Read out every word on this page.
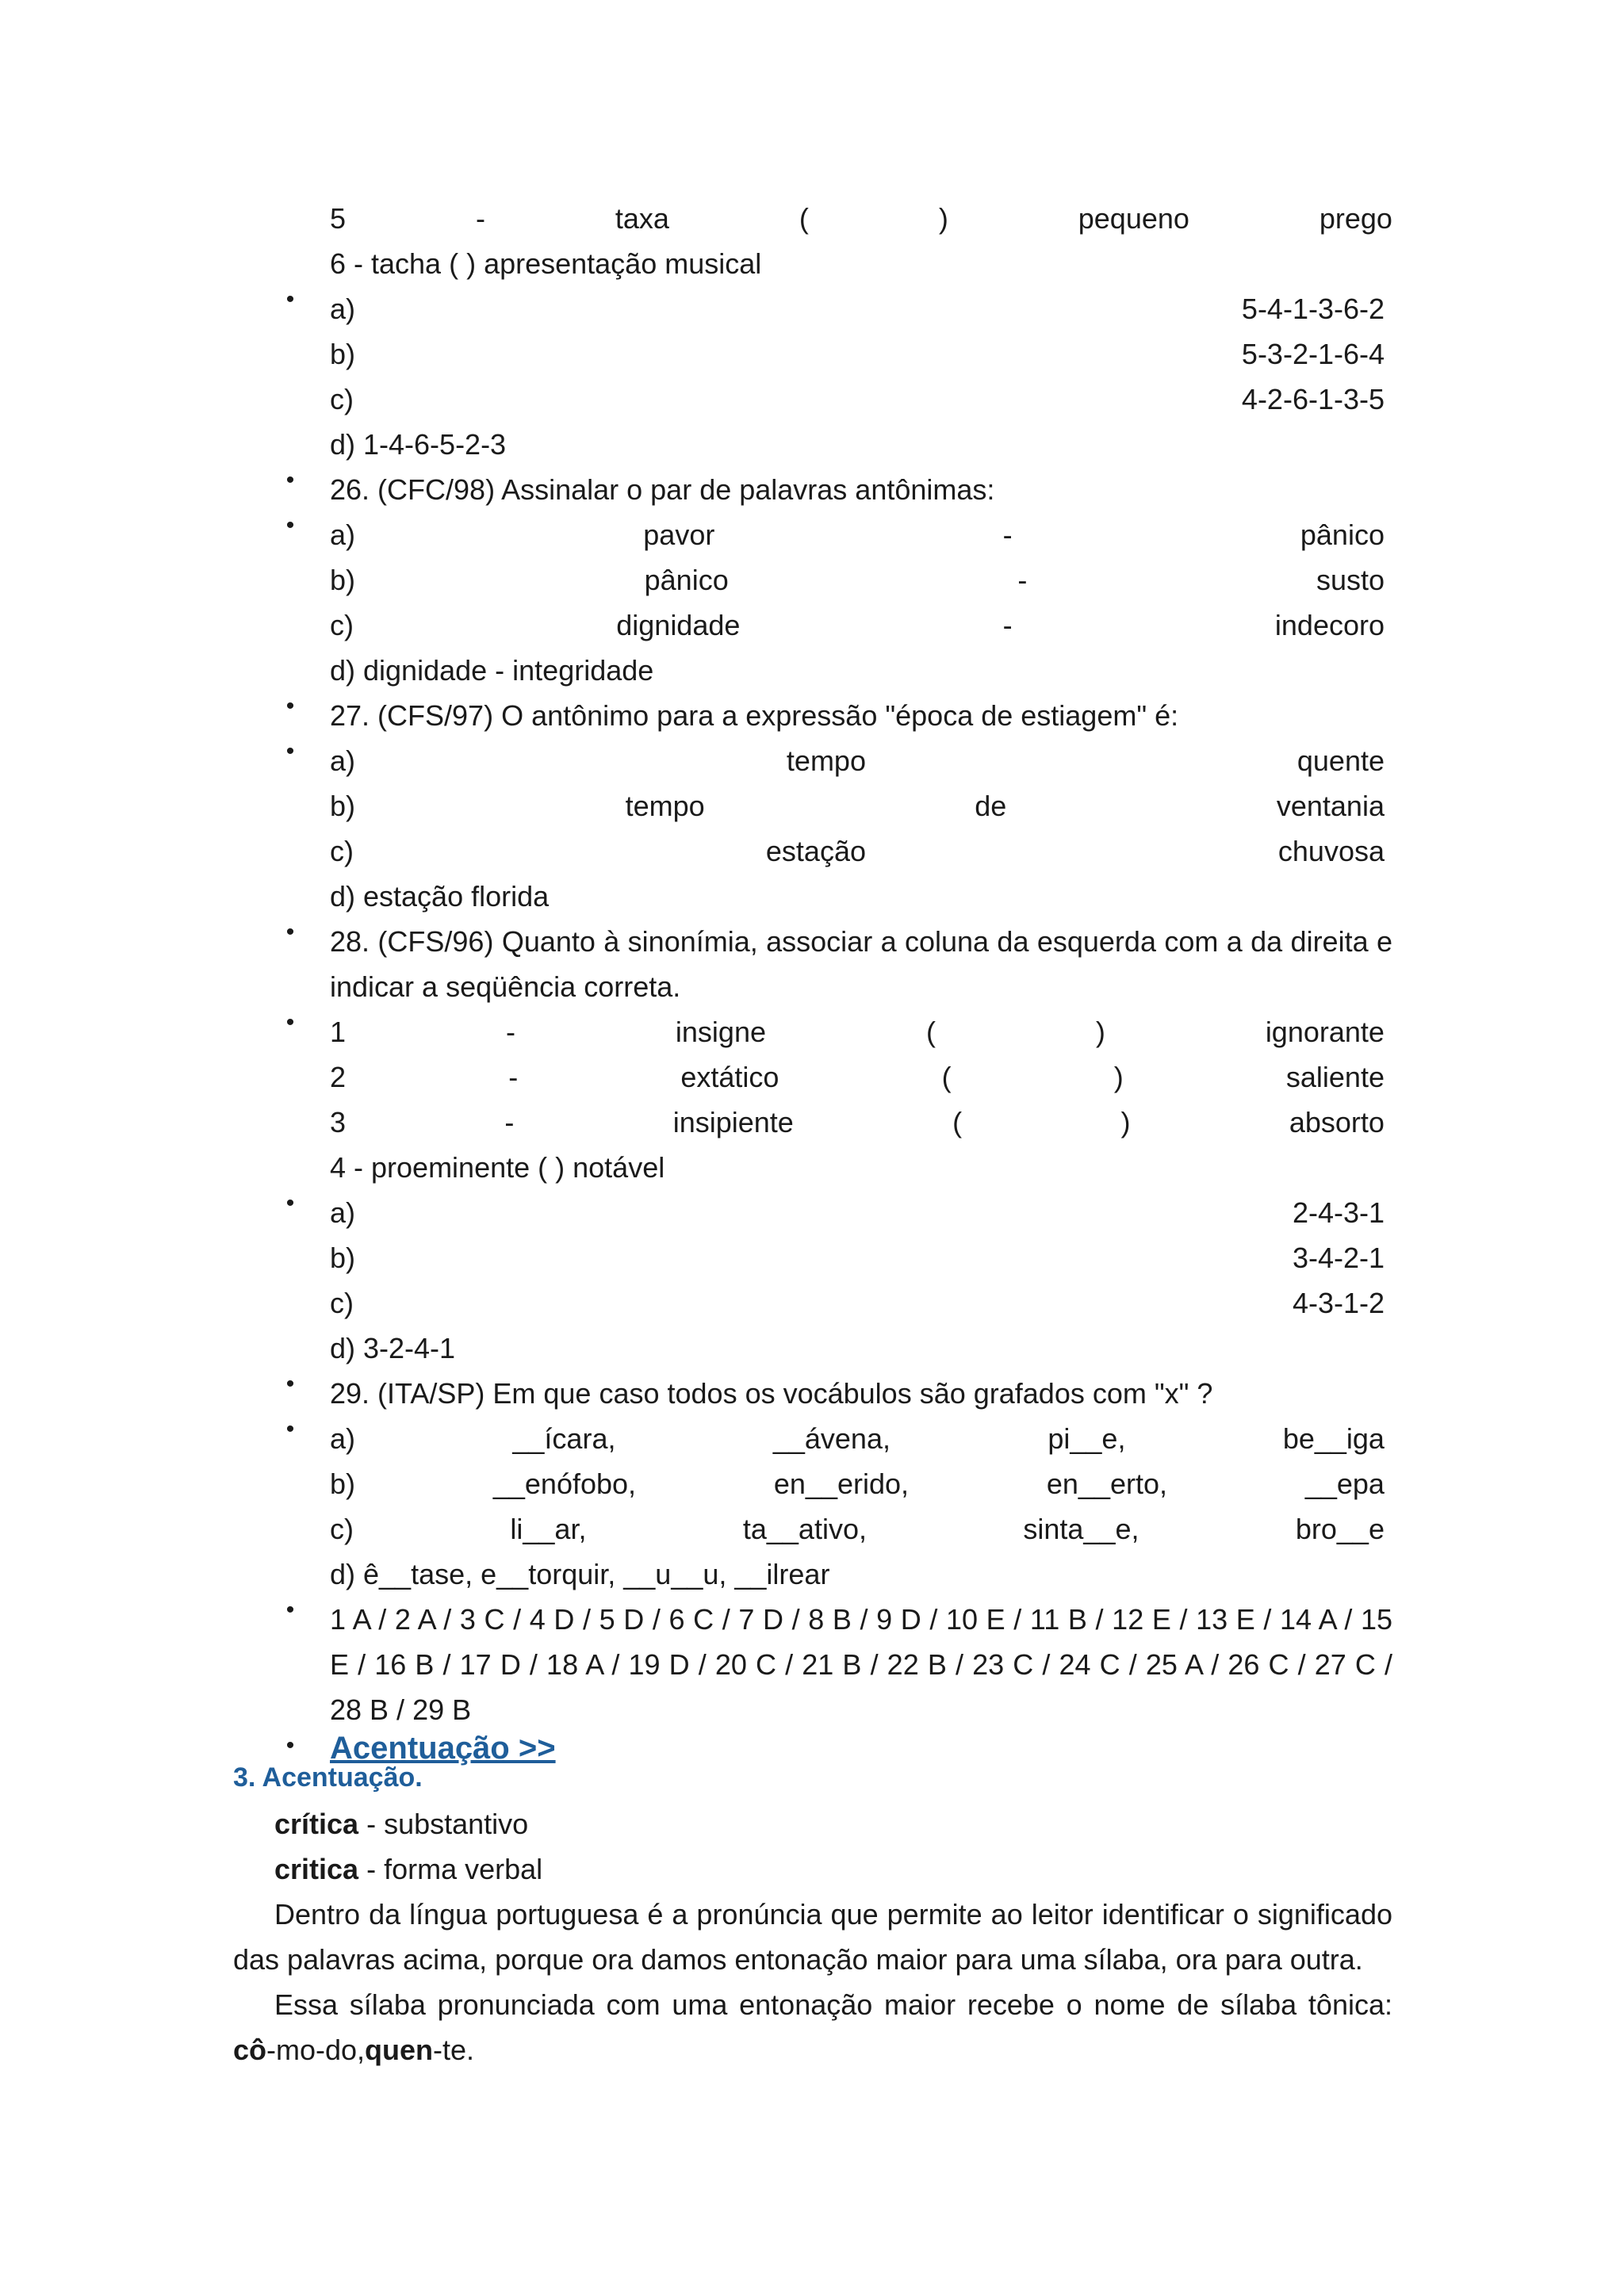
5	-	taxa	(	)	pequeno	prego
6 - tacha ( ) apresentação musical
• a)	5-4-1-3-6-2
b)	5-3-2-1-6-4
c)	4-2-6-1-3-5
d) 1-4-6-5-2-3
• 26. (CFC/98) Assinalar o par de palavras antônimas:
• a)	pavor	-	pânico
b)	pânico	-	susto
c)	dignidade	-	indecoro
d) dignidade - integridade
• 27. (CFS/97) O antônimo para a expressão "época de estiagem" é:
• a)	tempo	quente
b)	tempo	de	ventania
c)	estação	chuvosa
d) estação florida
• 28. (CFS/96) Quanto à sinonímia, associar a coluna da esquerda com a da direita e indicar a seqüência correta.
• 1	-	insigne	(	)	ignorante
2	-	extático	(	)	saliente
3	-	insipiente	(	)	absorto
4 - proeminente ( ) notável
• a)	2-4-3-1
b)	3-4-2-1
c)	4-3-1-2
d) 3-2-4-1
• 29. (ITA/SP) Em que caso todos os vocábulos são grafados com "x" ?
• a)	__ícara,	__ávena,	pi__e,	be__iga
b)	__enófobo,	en__erido,	en__erto,	__epa
c)	li__ar,	ta__ativo,	sinta__e,	bro__e
d) ê__tase, e__torquir, __u__u, __ilrear
• 1 A / 2 A / 3 C / 4 D / 5 D / 6 C / 7 D / 8 B / 9 D / 10 E / 11 B / 12 E / 13 E / 14 A / 15 E / 16 B / 17 D / 18 A / 19 D / 20 C / 21 B / 22 B / 23 C / 24 C / 25 A / 26 C / 27 C / 28 B / 29 B
• Acentuação >>
3. Acentuação.
crítica - substantivo
critica - forma verbal
Dentro da língua portuguesa é a pronúncia que permite ao leitor identificar o significado das palavras acima, porque ora damos entonação maior para uma sílaba, ora para outra.
Essa sílaba pronunciada com uma entonação maior recebe o nome de sílaba tônica: cô-mo-do,quen-te.
